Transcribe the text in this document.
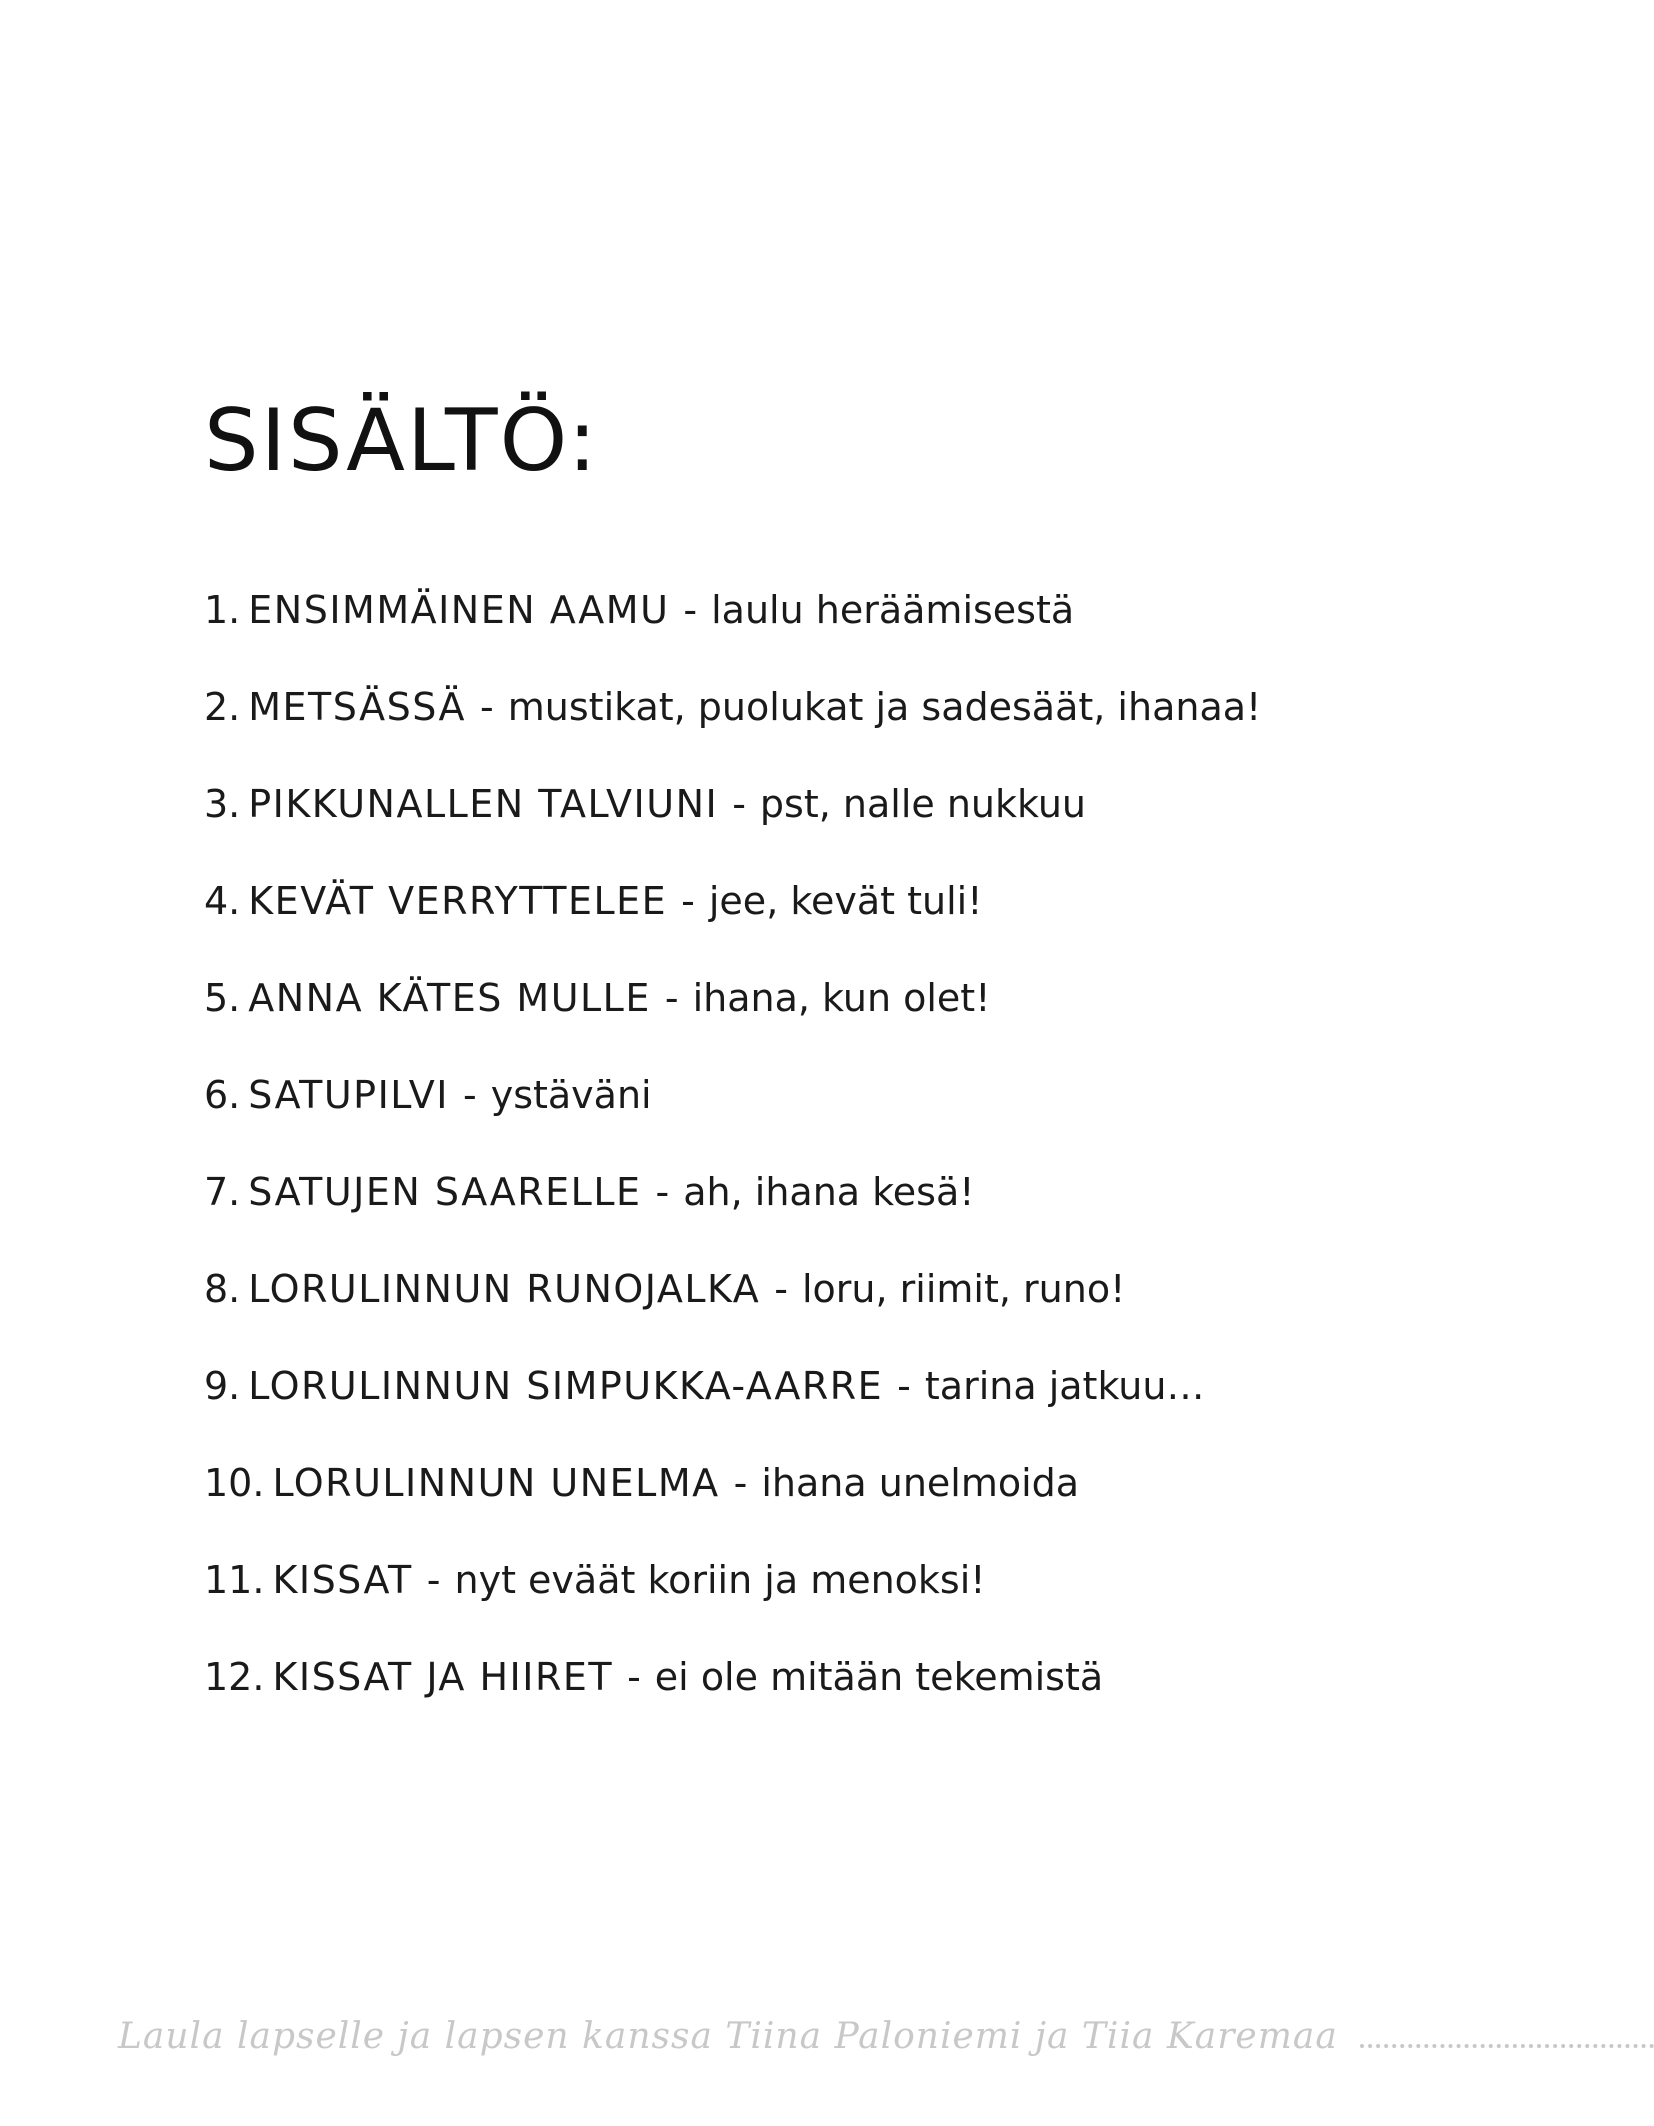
SISÄLTÖ:
1. ENSIMMÄINEN AAMU - laulu heräämisestä
2. METSÄSSÄ - mustikat, puolukat ja sadesäät, ihanaa!
3. PIKKUNALLEN TALVIUNI - pst, nalle nukkuu
4. KEVÄT VERRYTTELEE - jee, kevät tuli!
5. ANNA KÄTES MULLE - ihana, kun olet!
6. SATUPILVI - ystäväni
7. SATUJEN SAARELLE - ah, ihana kesä!
8. LORULINNUN RUNOJALKA - loru, riimit, runo!
9. LORULINNUN SIMPUKKA-AARRE - tarina jatkuu…
10. LORULINNUN UNELMA - ihana unelmoida
11. KISSAT - nyt eväät koriin ja menoksi!
12. KISSAT JA HIIRET - ei ole mitään tekemistä
Laula lapselle ja lapsen kanssa Tiina Paloniemi ja Tiia Karemaa
